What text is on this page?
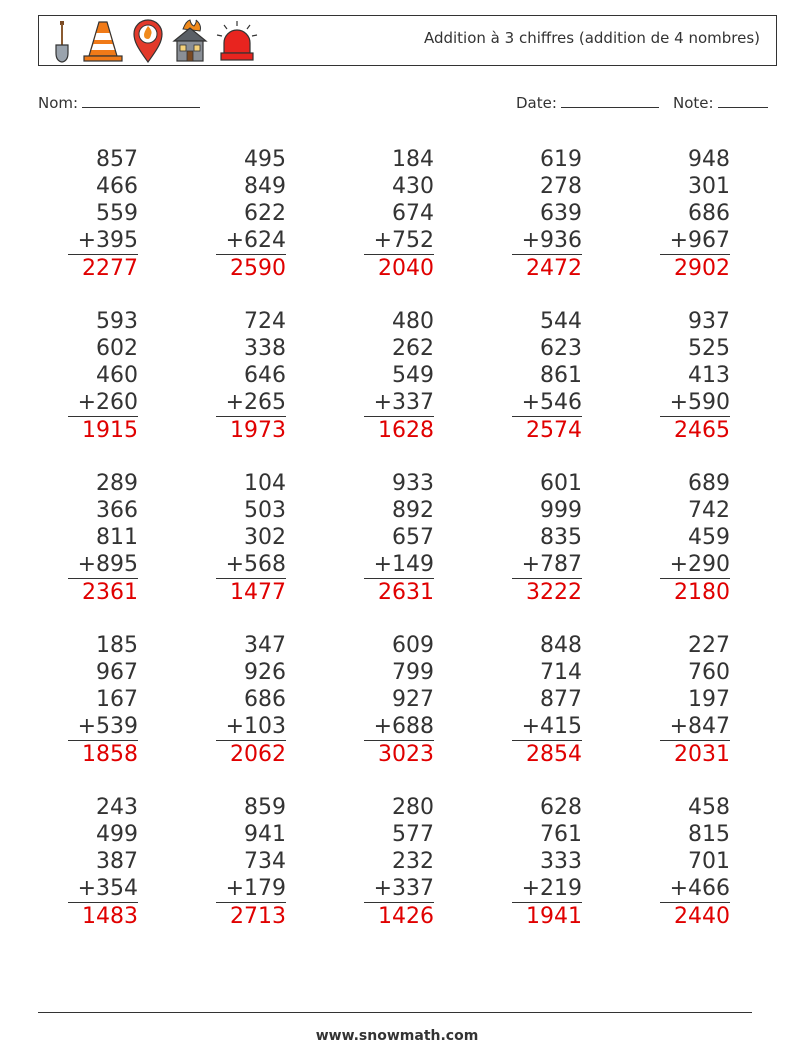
Addition à 3 chiffres (addition de 4 nombres)
Nom:	Date:	Note:
857
466
559
+395
2277
495
849
622
+624
2590
184
430
674
+752
2040
619
278
639
+936
2472
948
301
686
+967
2902
593
602
460
+260
1915
724
338
646
+265
1973
480
262
549
+337
1628
544
623
861
+546
2574
937
525
413
+590
2465
289
366
811
+895
2361
104
503
302
+568
1477
933
892
657
+149
2631
601
999
835
+787
3222
689
742
459
+290
2180
185
967
167
+539
1858
347
926
686
+103
2062
609
799
927
+688
3023
848
714
877
+415
2854
227
760
197
+847
2031
243
499
387
+354
1483
859
941
734
+179
2713
280
577
232
+337
1426
628
761
333
+219
1941
458
815
701
+466
2440
www.snowmath.com
